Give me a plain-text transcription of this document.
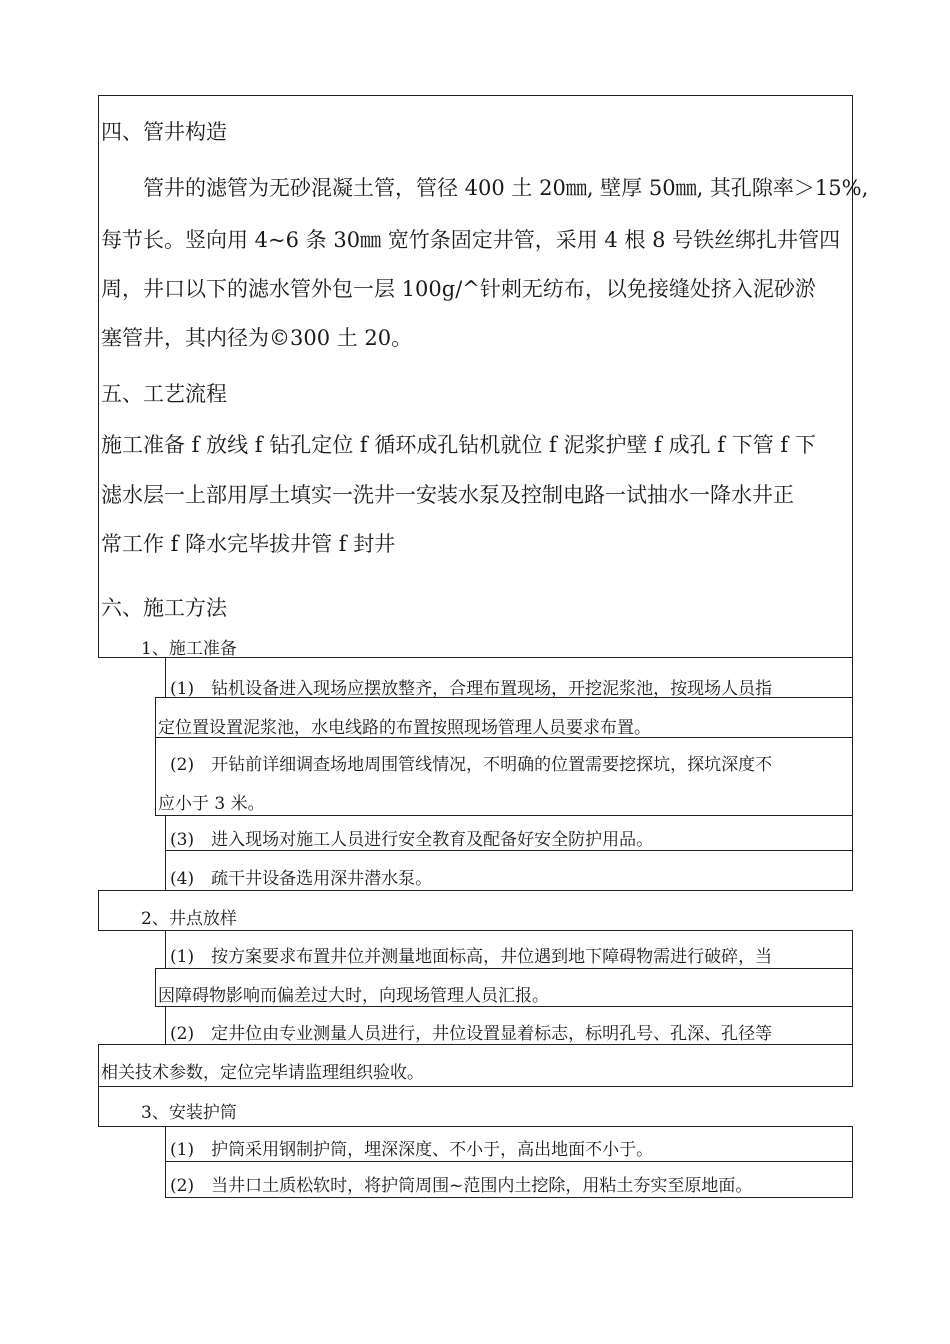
四、管井构造
管井的滤管为无砂混凝土管，管径 400 土 20㎜, 壁厚 50㎜, 其孔隙率＞15%,
每节长。竖向用 4~6 条 30㎜ 宽竹条固定井管，采用 4 根 8 号铁丝绑扎井管四
周，井口以下的滤水管外包一层 100g/^针刺无纺布，以免接缝处挤入泥砂淤
塞管井，其内径为©300 土 20。
五、工艺流程
施工准备 f 放线 f 钻孔定位 f 循环成孔钻机就位 f 泥浆护壁 f 成孔 f 下管 f 下
滤水层一上部用厚土填实一洗井一安装水泵及控制电路一试抽水一降水井正
常工作 f 降水完毕拔井管 f 封井
六、施工方法
1、施工准备
(1)　钻机设备进入现场应摆放整齐，合理布置现场，开挖泥浆池，按现场人员指
定位置设置泥浆池，水电线路的布置按照现场管理人员要求布置。
(2)　开钻前详细调查场地周围管线情况，不明确的位置需要挖探坑，探坑深度不
应小于 3 米。
(3)　进入现场对施工人员进行安全教育及配备好安全防护用品。
(4)　疏干井设备选用深井潜水泵。
2、井点放样
(1)　按方案要求布置井位并测量地面标高，井位遇到地下障碍物需进行破碎，当
因障碍物影响而偏差过大时，向现场管理人员汇报。
(2)　定井位由专业测量人员进行，井位设置显着标志，标明孔号、孔深、孔径等
相关技术参数，定位完毕请监理组织验收。
3、安装护筒
(1)　护筒采用钢制护筒，埋深深度、不小于，高出地面不小于。
(2)　当井口土质松软时，将护筒周围~范围内土挖除，用粘土夯实至原地面。
